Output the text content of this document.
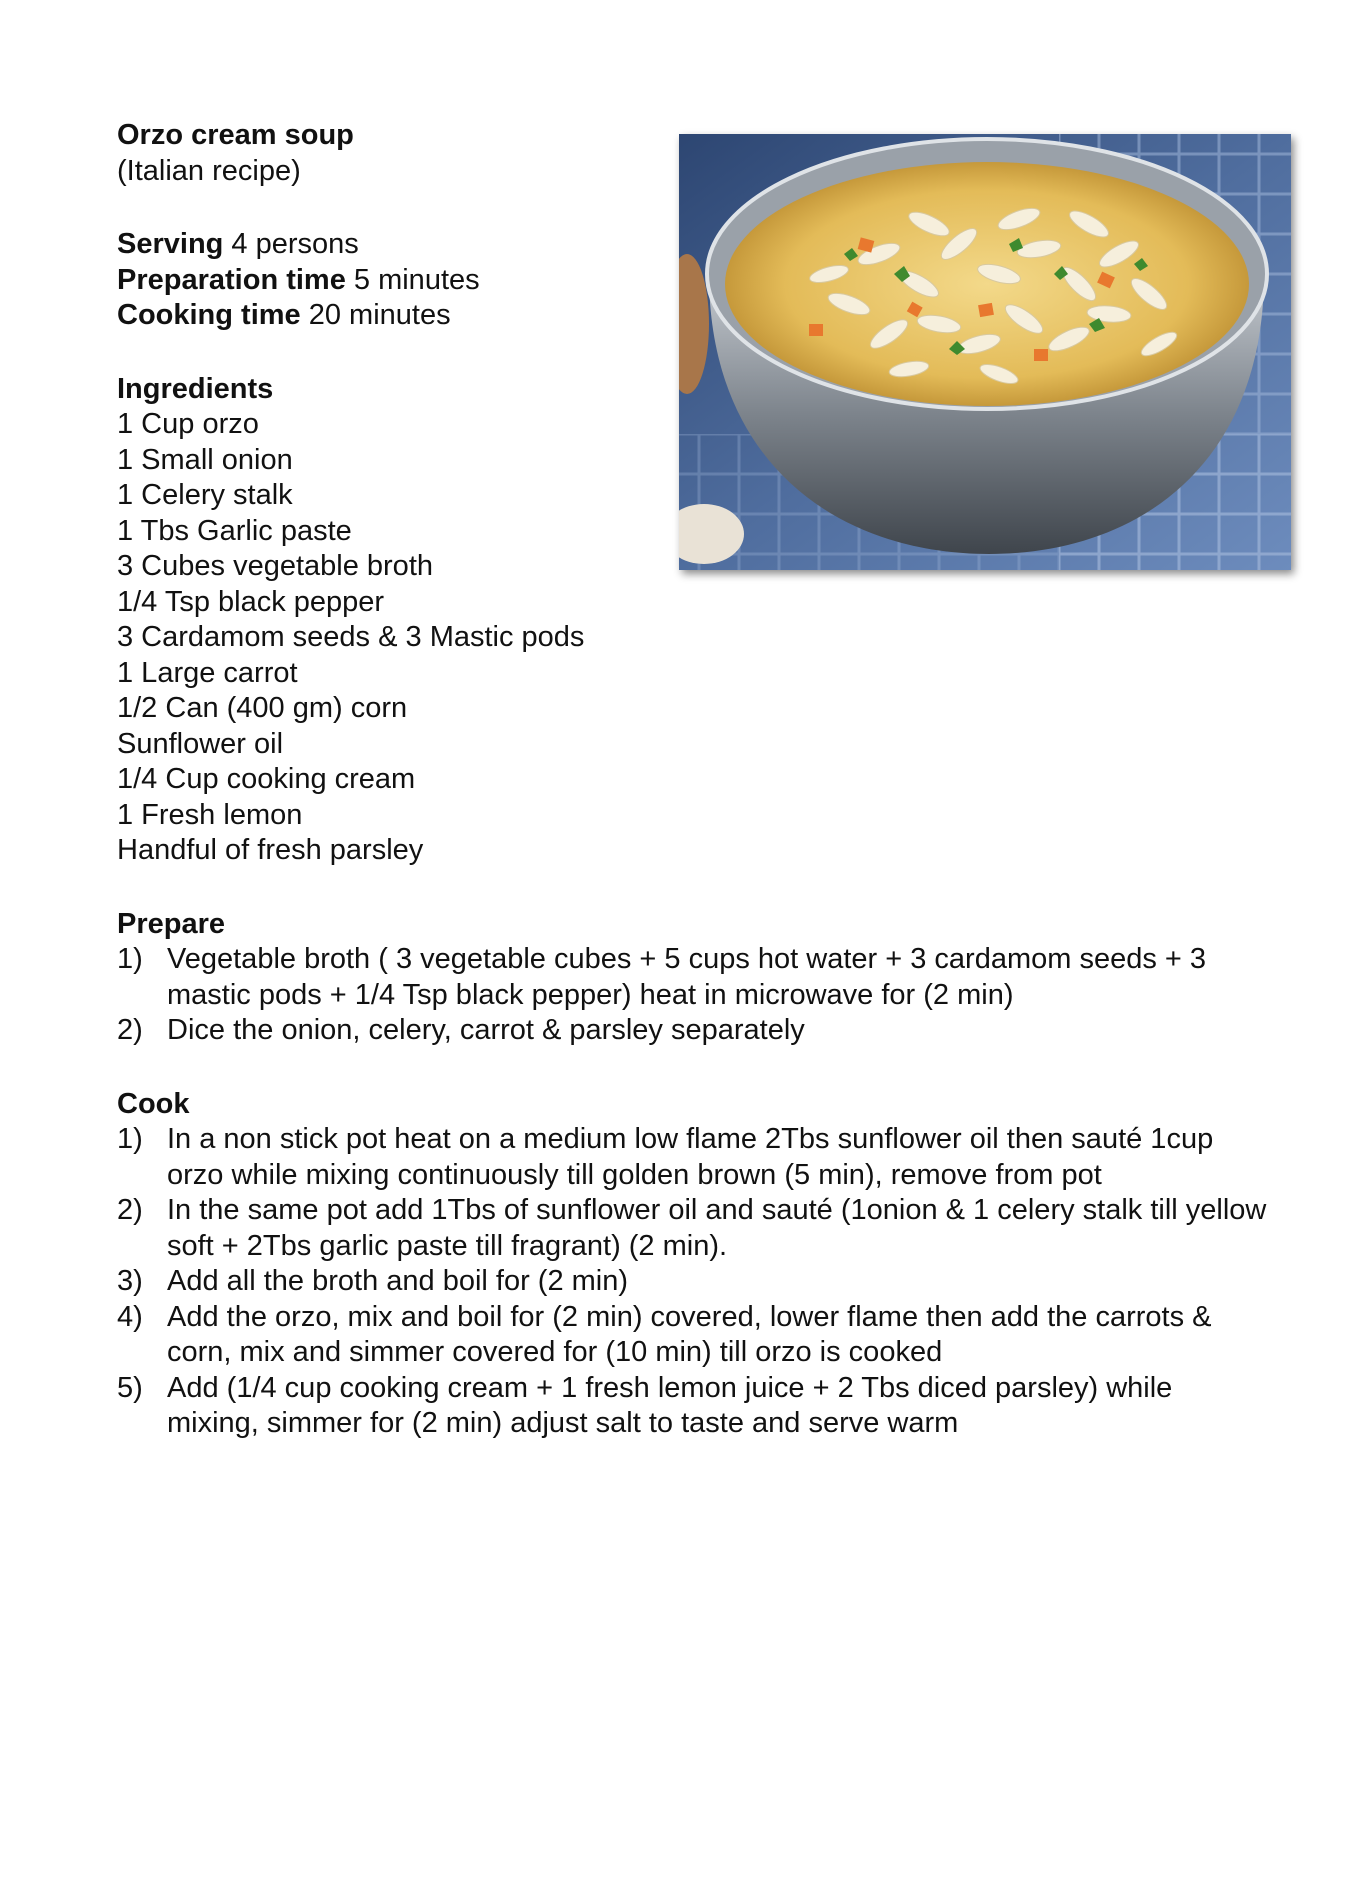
Orzo cream soup
(Italian recipe)
Serving 4 persons
Preparation time 5 minutes
Cooking time 20 minutes
Ingredients
1 Cup orzo
1 Small onion
1 Celery stalk
1 Tbs Garlic paste
3 Cubes vegetable broth
1/4 Tsp black pepper
3 Cardamom seeds & 3 Mastic pods
1 Large carrot
1/2 Can (400 gm) corn
Sunflower oil
1/4 Cup cooking cream
1 Fresh lemon
Handful of fresh parsley
Prepare
1) Vegetable broth ( 3 vegetable cubes + 5 cups hot water + 3 cardamom seeds + 3 mastic pods + 1/4 Tsp black pepper) heat in microwave for (2 min)
2) Dice the onion, celery, carrot & parsley separately
Cook
1) In a non stick pot heat on a medium low flame 2Tbs sunflower oil then sauté 1cup orzo while mixing continuously till golden brown (5 min), remove from pot
2) In the same pot add 1Tbs of sunflower oil and sauté (1onion & 1 celery stalk till yellow soft + 2Tbs garlic paste till fragrant) (2 min).
3) Add all the broth and boil for (2 min)
4) Add the orzo, mix and boil for (2 min) covered, lower flame then add the carrots & corn, mix and simmer covered for (10 min) till orzo is cooked
5) Add (1/4 cup cooking cream + 1 fresh lemon juice + 2 Tbs diced parsley) while mixing, simmer for (2 min) adjust salt to taste and serve warm
